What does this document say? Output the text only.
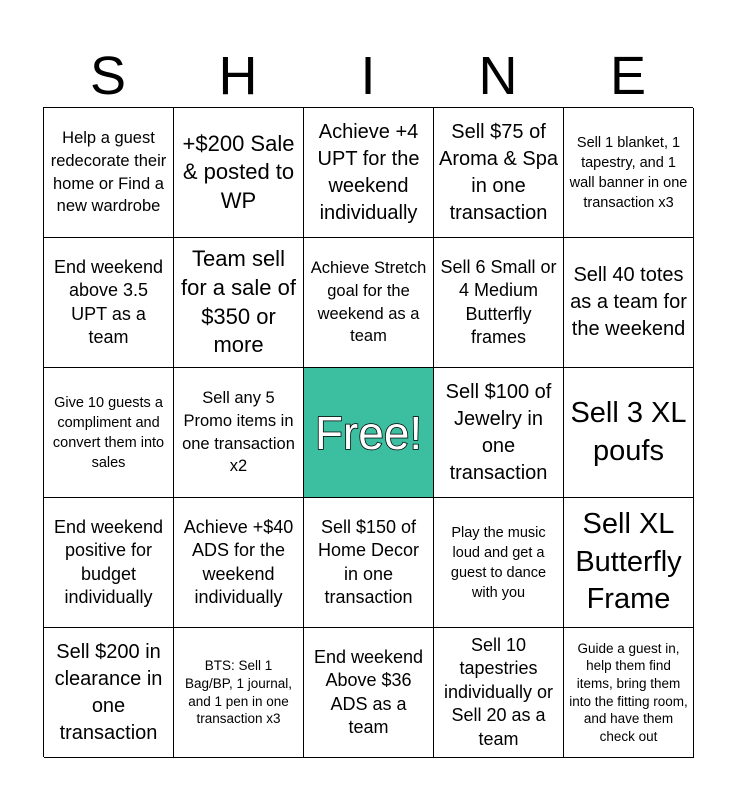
S	H	I	N	E
Help a guest redecorate their home or Find a new wardrobe
+$200 Sale & posted to WP
Achieve +4 UPT for the weekend individually
Sell $75 of Aroma & Spa in one transaction
Sell 1 blanket, 1 tapestry, and 1 wall banner in one transaction x3
End weekend above 3.5 UPT as a team
Team sell for a sale of $350 or more
Achieve Stretch goal for the weekend as a team
Sell 6 Small or 4 Medium Butterfly frames
Sell 40 totes as a team for the weekend
Give 10 guests a compliment and convert them into sales
Sell any 5 Promo items in one transaction x2
Free!
Sell $100 of Jewelry in one transaction
Sell 3 XL poufs
End weekend positive for budget individually
Achieve +$40 ADS for the weekend individually
Sell $150 of Home Decor in one transaction
Play the music loud and get a guest to dance with you
Sell XL Butterfly Frame
Sell $200 in clearance in one transaction
BTS: Sell 1 Bag/BP, 1 journal, and 1 pen in one transaction x3
End weekend Above $36 ADS as a team
Sell 10 tapestries individually or Sell 20 as a team
Guide a guest in, help them find items, bring them into the fitting room, and have them check out
